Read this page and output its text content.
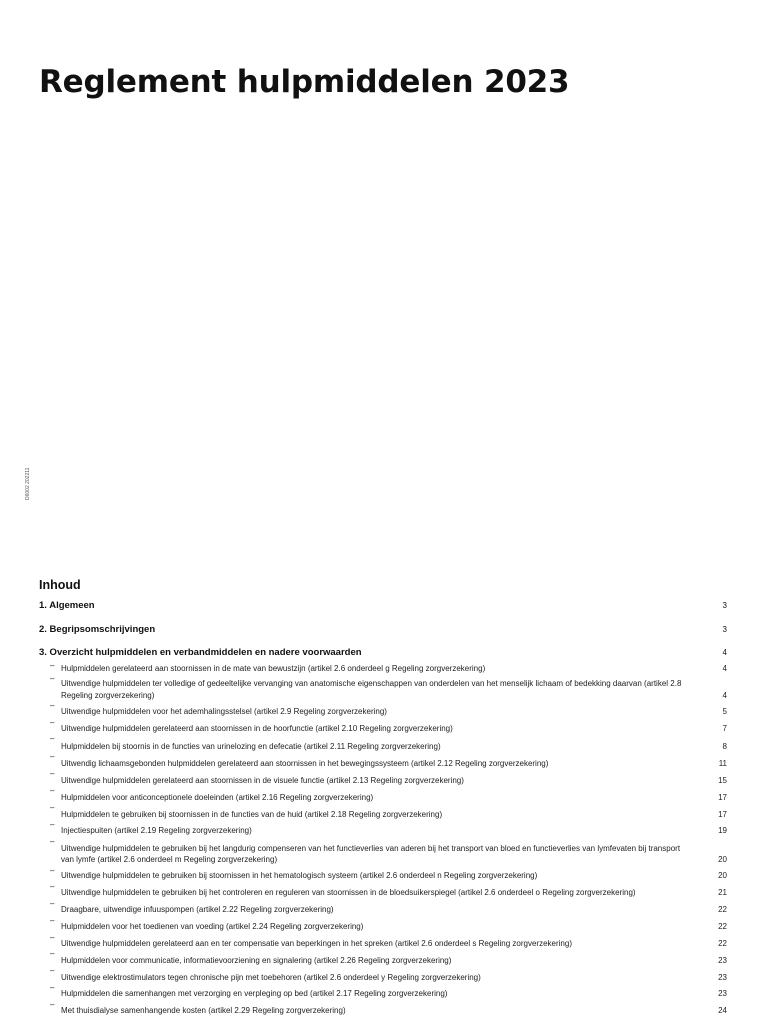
Reglement hulpmiddelen 2023
D6002 202211
Inhoud
1. Algemeen	3
2. Begripsomschrijvingen	3
3. Overzicht hulpmiddelen en verbandmiddelen en nadere voorwaarden	4
– Hulpmiddelen gerelateerd aan stoornissen in de mate van bewustzijn (artikel 2.6 onderdeel g Regeling zorgverzekering)	4
–
Uitwendige hulpmiddelen ter volledige of gedeeltelijke vervanging van anatomische eigenschappen van onderdelen van het menselijk lichaam of bedekking daarvan (artikel 2.8 Regeling zorgverzekering)	4
–
Uitwendige hulpmiddelen voor het ademhalingsstelsel (artikel 2.9 Regeling zorgverzekering)	5
–
Uitwendige hulpmiddelen gerelateerd aan stoornissen in de hoorfunctie (artikel 2.10 Regeling zorgverzekering)	7
–
Hulpmiddelen bij stoornis in de functies van urinelozing en defecatie (artikel 2.11 Regeling zorgverzekering)	8
–
Uitwendig lichaamsgebonden hulpmiddelen gerelateerd aan stoornissen in het bewegingssysteem (artikel 2.12 Regeling zorgverzekering)	11
–
Uitwendige hulpmiddelen gerelateerd aan stoornissen in de visuele functie (artikel 2.13 Regeling zorgverzekering)	15
–
Hulpmiddelen voor anticonceptionele doeleinden (artikel 2.16 Regeling zorgverzekering)	17
–
Hulpmiddelen te gebruiken bij stoornissen in de functies van de huid (artikel 2.18 Regeling zorgverzekering)	17
–
Injectiespuiten (artikel 2.19 Regeling zorgverzekering)	19
–
Uitwendige hulpmiddelen te gebruiken bij het langdurig compenseren van het functieverlies van aderen bij het transport van bloed en functieverlies van lymfevaten bij transport van lymfe (artikel 2.6 onderdeel m Regeling zorgverzekering)	20
–
Uitwendige hulpmiddelen te gebruiken bij stoornissen in het hematologisch systeem (artikel 2.6 onderdeel n Regeling zorgverzekering)	20
–
Uitwendige hulpmiddelen te gebruiken bij het controleren en reguleren van stoornissen in de bloedsuikerspiegel (artikel 2.6 onderdeel o Regeling zorgverzekering)	21
–
Draagbare, uitwendige infuuspompen (artikel 2.22 Regeling zorgverzekering)	22
–
Hulpmiddelen voor het toedienen van voeding (artikel 2.24 Regeling zorgverzekering)	22
–
Uitwendige hulpmiddelen gerelateerd aan en ter compensatie van beperkingen in het spreken (artikel 2.6 onderdeel s Regeling zorgverzekering)	22
–
Hulpmiddelen voor communicatie, informatievoorziening en signalering (artikel 2.26 Regeling zorgverzekering)	23
–
Uitwendige elektrostimulators tegen chronische pijn met toebehoren (artikel 2.6 onderdeel y Regeling zorgverzekering)	23
–
Hulpmiddelen die samenhangen met verzorging en verpleging op bed (artikel 2.17 Regeling zorgverzekering)	23
–
Met thuisdialyse samenhangende kosten (artikel 2.29 Regeling zorgverzekering)	24
